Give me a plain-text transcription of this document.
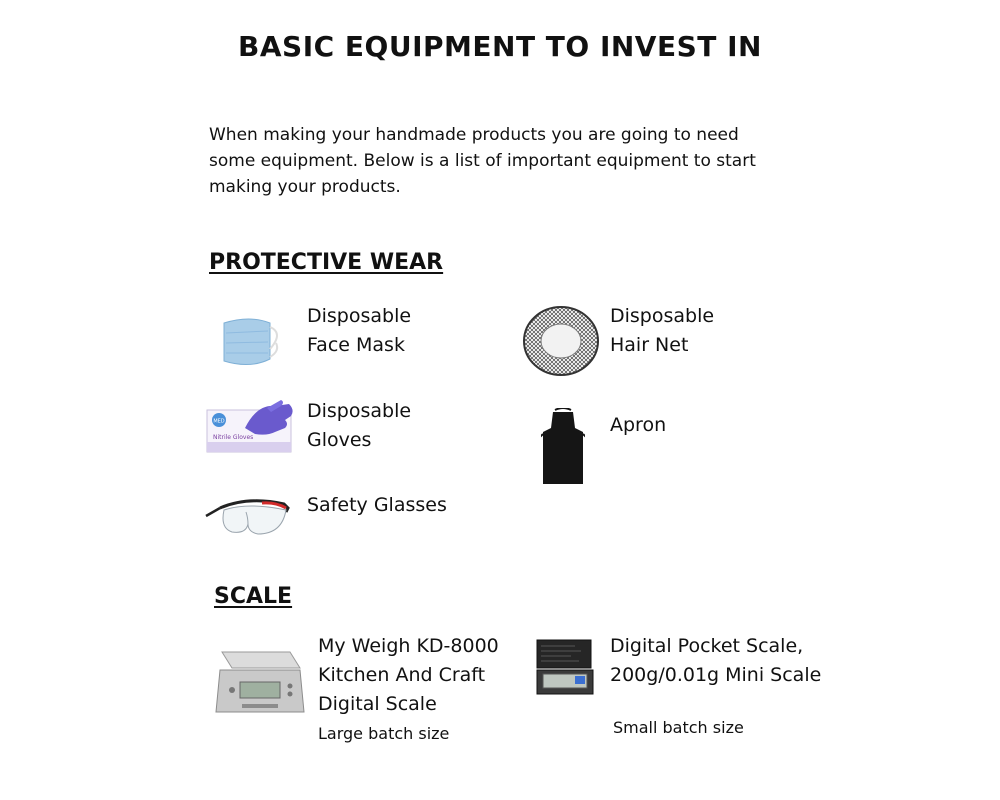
BASIC EQUIPMENT TO INVEST IN
When making your handmade products you are going to need some equipment. Below is a list of important equipment to start making your products.
PROTECTIVE WEAR
Disposable Face Mask
Disposable Hair Net
MED
Nitrile Gloves
Disposable Gloves
Apron
Safety Glasses
SCALE
My Weigh KD-8000 Kitchen And Craft Digital Scale
Large batch size
Digital Pocket Scale, 200g/0.01g Mini Scale
Small batch size
